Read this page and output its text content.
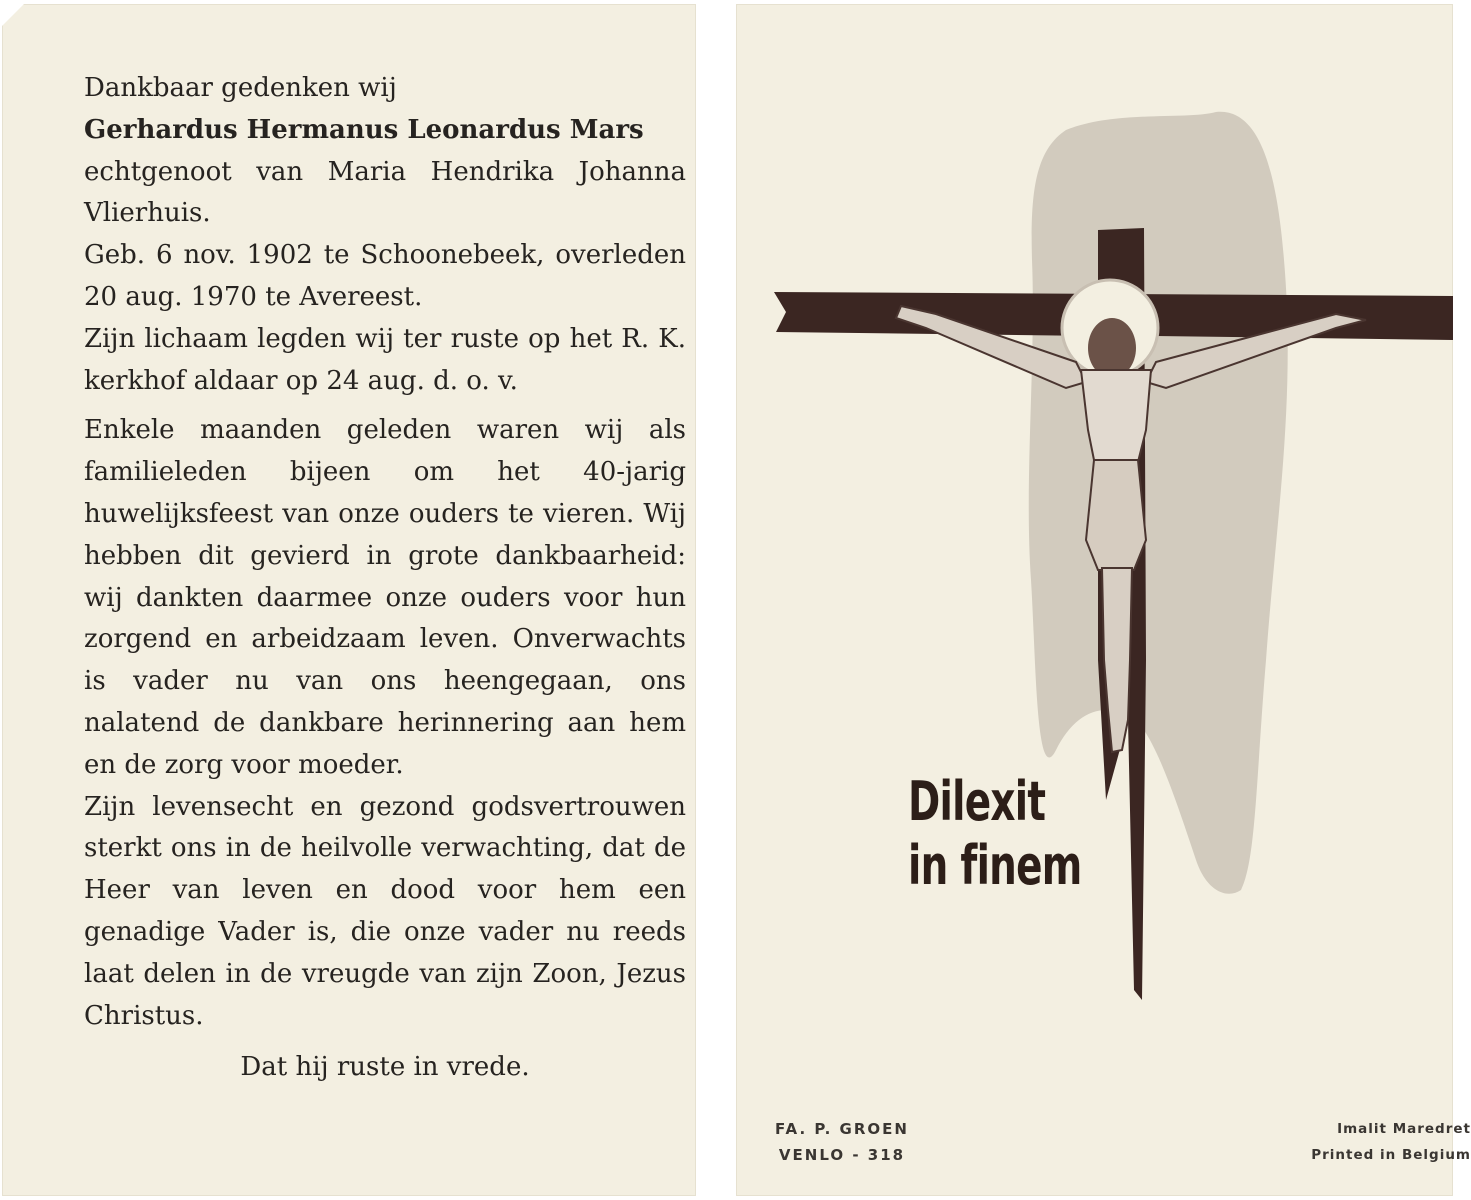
Dankbaar gedenken wij

Gerhardus Hermanus Leonardus Mars

echtgenoot van Maria Hendrika Johanna Vlierhuis.

Geb. 6 nov. 1902 te Schoonebeek, overleden 20 aug. 1970 te Avereest.

Zijn lichaam legden wij ter ruste op het R. K. kerkhof aldaar op 24 aug. d. o. v.

Enkele maanden geleden waren wij als familieleden bijeen om het 40-jarig huwelijksfeest van onze ouders te vieren. Wij hebben dit gevierd in grote dankbaarheid: wij dankten daarmee onze ouders voor hun zorgend en arbeidzaam leven. Onverwachts is vader nu van ons heengegaan, ons nalatend de dankbare herinnering aan hem en de zorg voor moeder.

Zijn levensecht en gezond godsvertrouwen sterkt ons in de heilvolle verwachting, dat de Heer van leven en dood voor hem een genadige Vader is, die onze vader nu reeds laat delen in de vreugde van zijn Zoon, Jezus Christus.

Dat hij ruste in vrede.

Dilexit
in finem
FA. P. GROEN
VENLO - 318
Imalit Maredret
Printed in Belgium
